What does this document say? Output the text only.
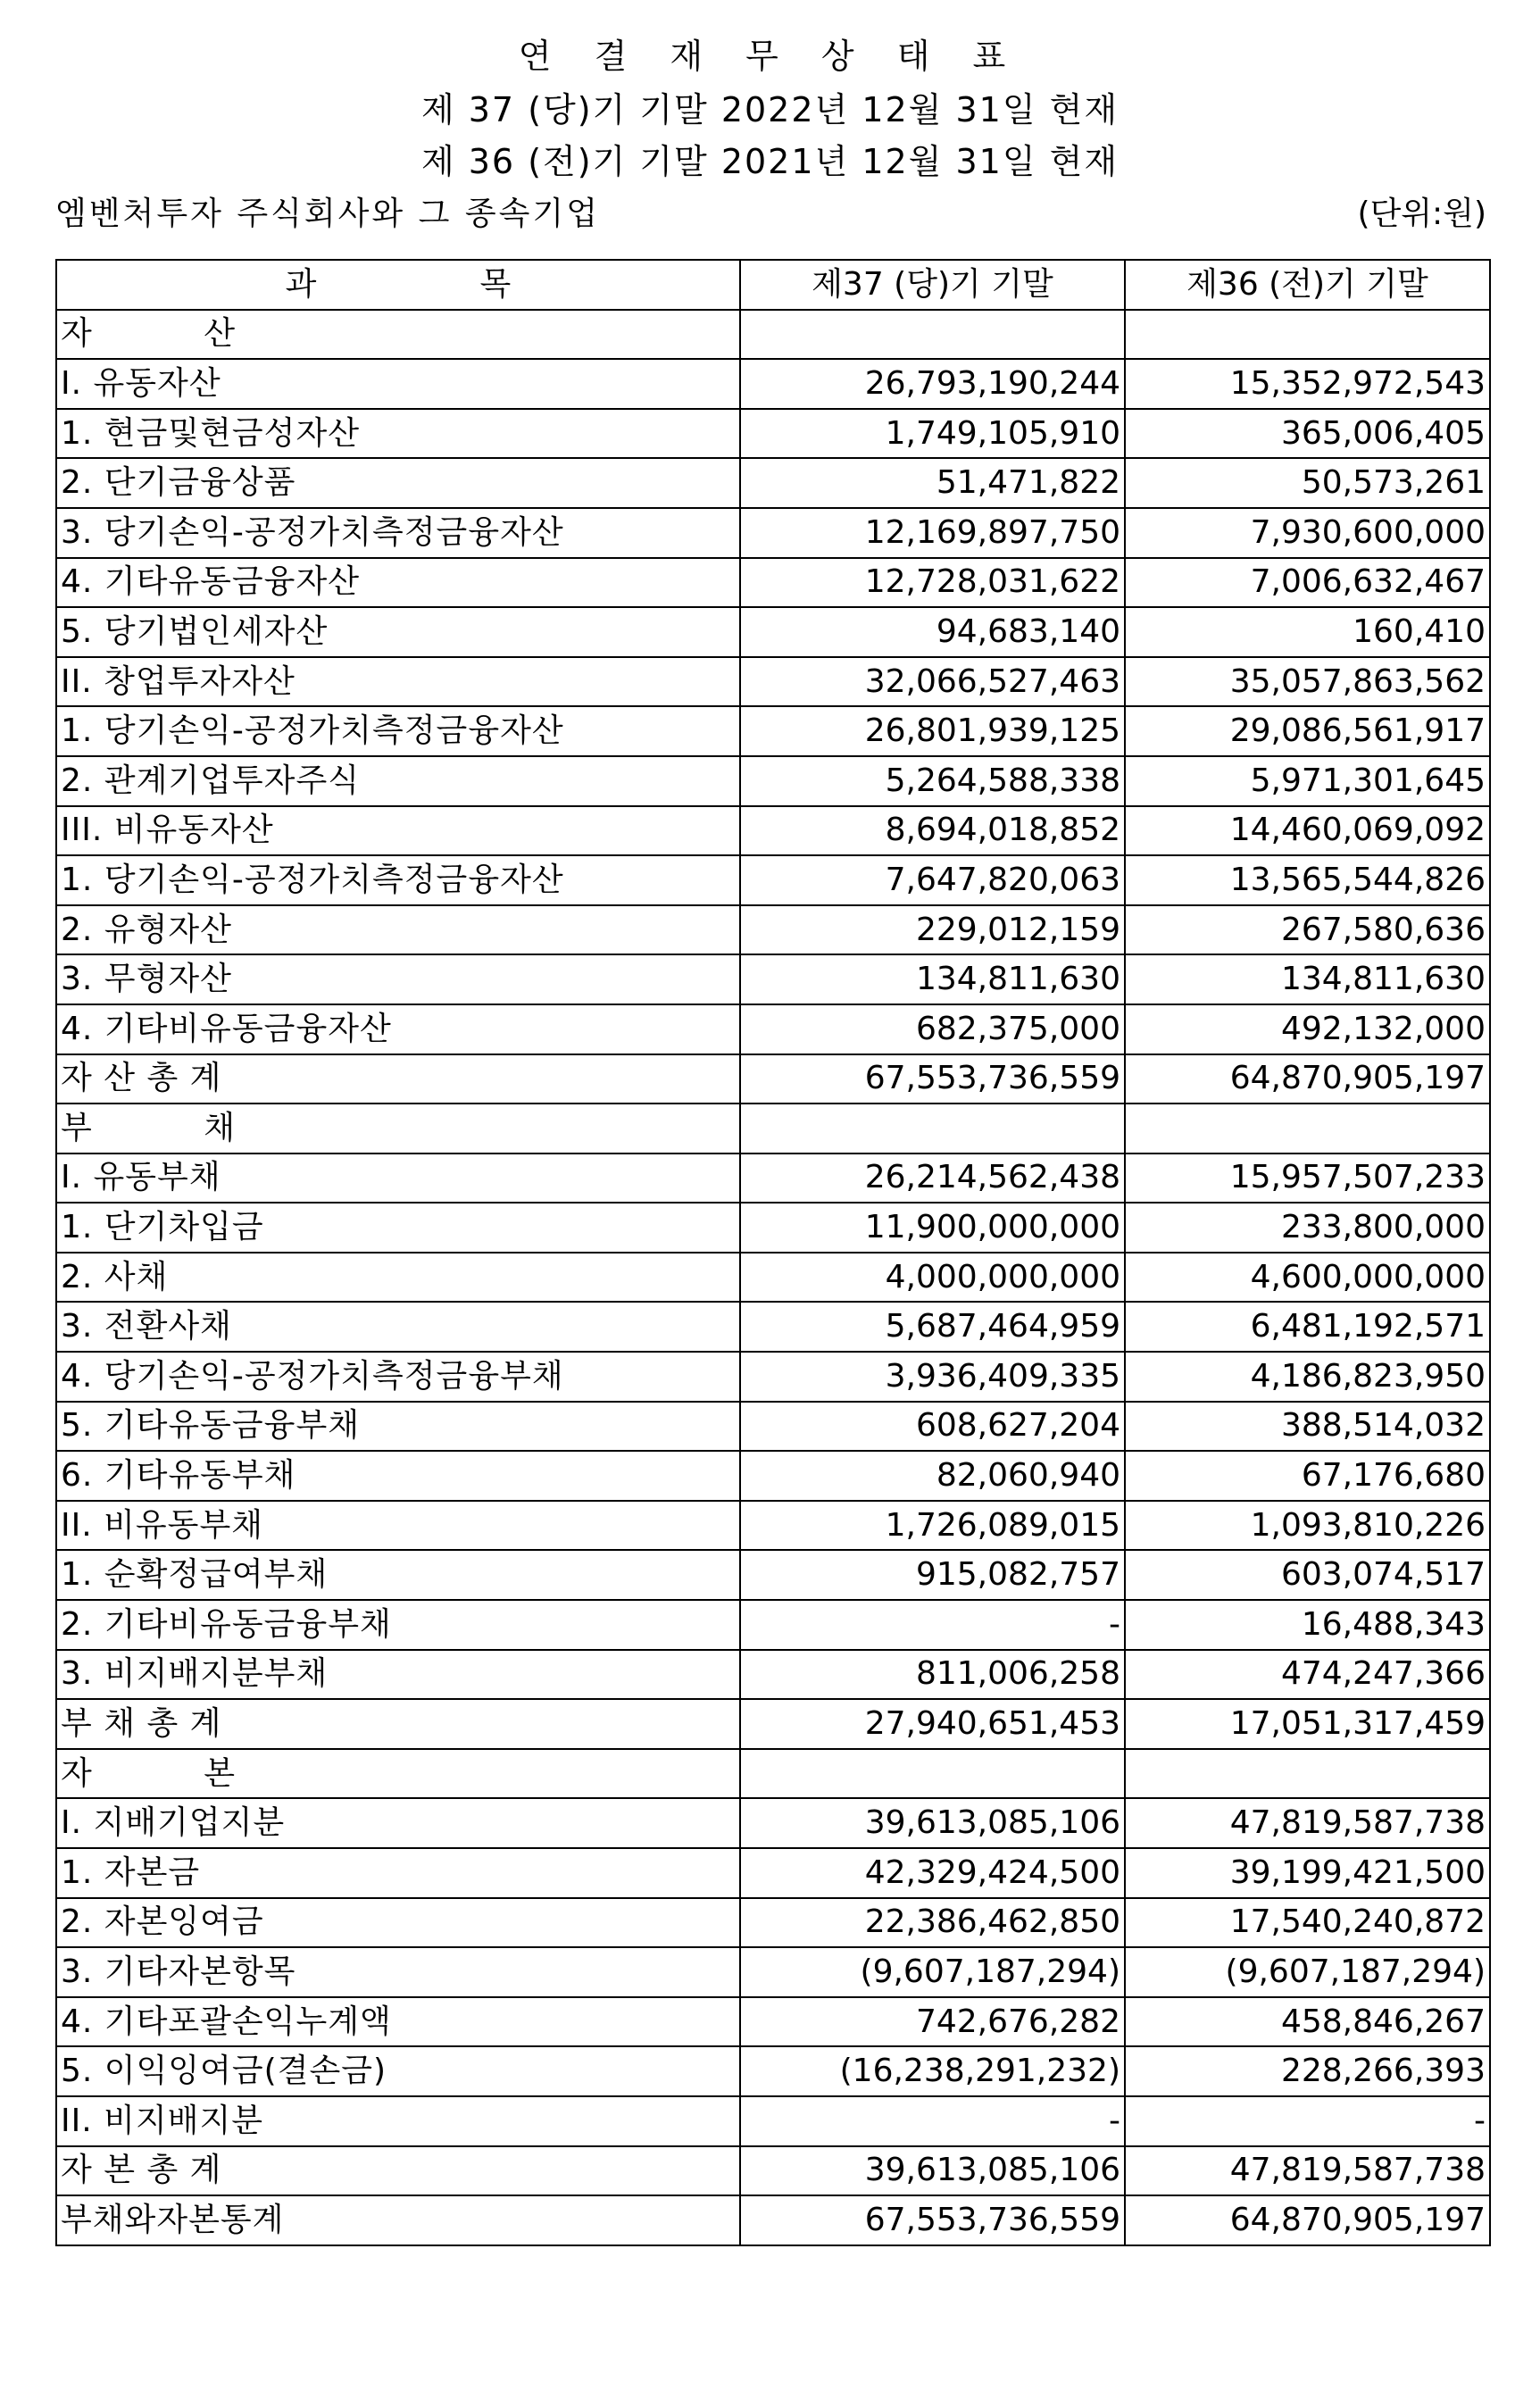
연 결 재 무 상 태 표
제 37 (당)기 기말 2022년 12월 31일 현재
제 36 (전)기 기말 2021년 12월 31일 현재
엠벤처투자 주식회사와 그 종속기업	(단위:원)
과                목	제37 (당)기 기말	제36 (전)기 기말
자          산		
I. 유동자산	26,793,190,244	15,352,972,543
1. 현금및현금성자산	1,749,105,910	365,006,405
2. 단기금융상품	51,471,822	50,573,261
3. 당기손익-공정가치측정금융자산	12,169,897,750	7,930,600,000
4. 기타유동금융자산	12,728,031,622	7,006,632,467
5. 당기법인세자산	94,683,140	160,410
II. 창업투자자산	32,066,527,463	35,057,863,562
1. 당기손익-공정가치측정금융자산	26,801,939,125	29,086,561,917
2. 관계기업투자주식	5,264,588,338	5,971,301,645
III. 비유동자산	8,694,018,852	14,460,069,092
1. 당기손익-공정가치측정금융자산	7,647,820,063	13,565,544,826
2. 유형자산	229,012,159	267,580,636
3. 무형자산	134,811,630	134,811,630
4. 기타비유동금융자산	682,375,000	492,132,000
자 산 총 계	67,553,736,559	64,870,905,197
부          채		
I. 유동부채	26,214,562,438	15,957,507,233
1. 단기차입금	11,900,000,000	233,800,000
2. 사채	4,000,000,000	4,600,000,000
3. 전환사채	5,687,464,959	6,481,192,571
4. 당기손익-공정가치측정금융부채	3,936,409,335	4,186,823,950
5. 기타유동금융부채	608,627,204	388,514,032
6. 기타유동부채	82,060,940	67,176,680
II. 비유동부채	1,726,089,015	1,093,810,226
1. 순확정급여부채	915,082,757	603,074,517
2. 기타비유동금융부채	-	16,488,343
3. 비지배지분부채	811,006,258	474,247,366
부 채 총 계	27,940,651,453	17,051,317,459
자          본		
I. 지배기업지분	39,613,085,106	47,819,587,738
1. 자본금	42,329,424,500	39,199,421,500
2. 자본잉여금	22,386,462,850	17,540,240,872
3. 기타자본항목	(9,607,187,294)	(9,607,187,294)
4. 기타포괄손익누계액	742,676,282	458,846,267
5. 이익잉여금(결손금)	(16,238,291,232)	228,266,393
II. 비지배지분	-	-
자 본 총 계	39,613,085,106	47,819,587,738
부채와자본통계	67,553,736,559	64,870,905,197
